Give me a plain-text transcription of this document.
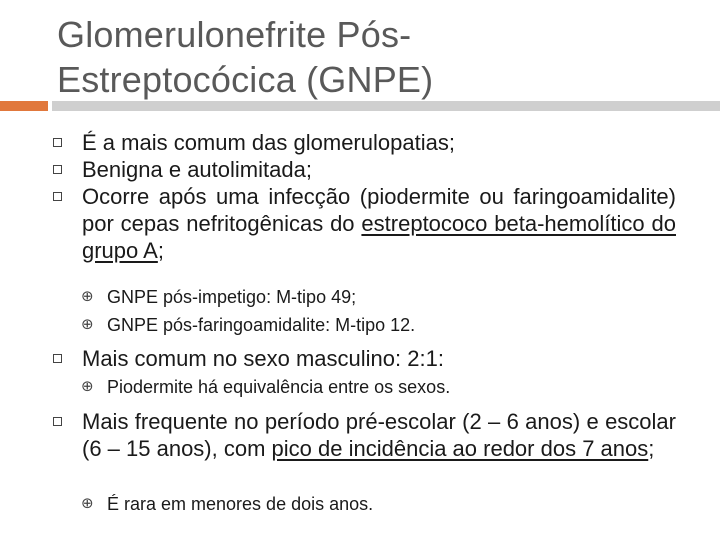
Glomerulonefrite Pós-
Estreptocócica (GNPE)
É a mais comum das glomerulopatias;
Benigna e autolimitada;
Ocorre após uma infecção (piodermite ou faringoamidalite) por cepas nefritogênicas do estreptococo beta-hemolítico do grupo A;
⊕ GNPE pós-impetigo: M-tipo 49;
⊕ GNPE pós-faringoamidalite: M-tipo 12.
Mais comum no sexo masculino: 2:1:
⊕ Piodermite há equivalência entre os sexos.
Mais frequente no período pré-escolar (2 – 6 anos) e escolar (6 – 15 anos), com pico de incidência ao redor dos 7 anos;
⊕ É rara em menores de dois anos.
